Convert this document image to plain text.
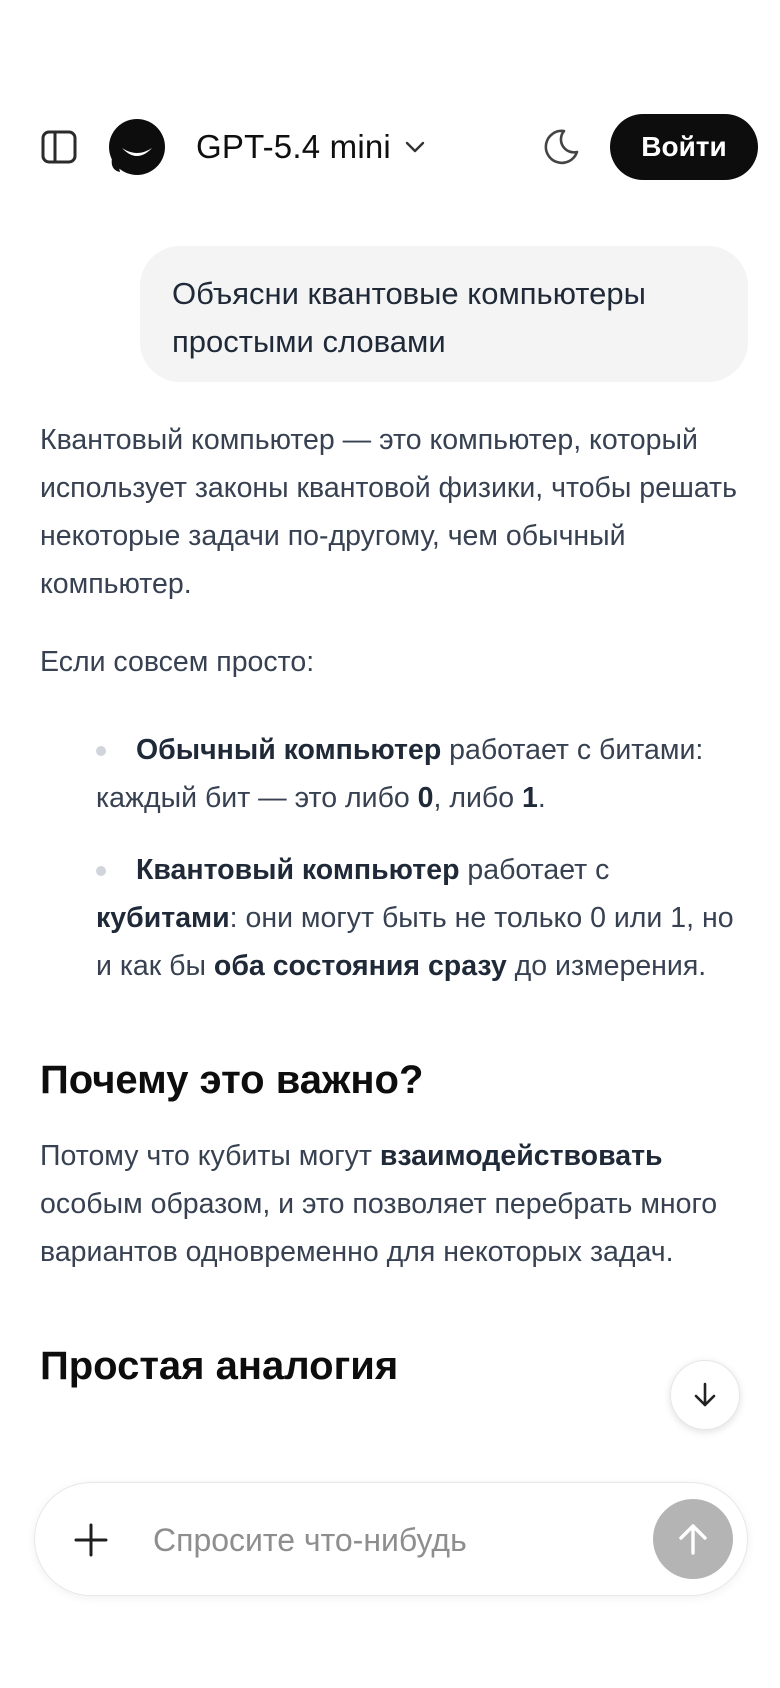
GPT-5.4 mini	Войти
Объясни квантовые компьютеры
простыми словами

Квантовый компьютер — это компьютер, который использует законы квантовой физики, чтобы решать некоторые задачи по-другому, чем обычный компьютер.

Если совсем просто:

Обычный компьютер работает с битами: каждый бит — это либо 0, либо 1.
Квантовый компьютер работает с кубитами: они могут быть не только 0 или 1, но и как бы оба состояния сразу до измерения.
Почему это важно?

Потому что кубиты могут взаимодействовать особым образом, и это позволяет перебрать много вариантов одновременно для некоторых задач.

Простая аналогия
Спросите что-нибудь
